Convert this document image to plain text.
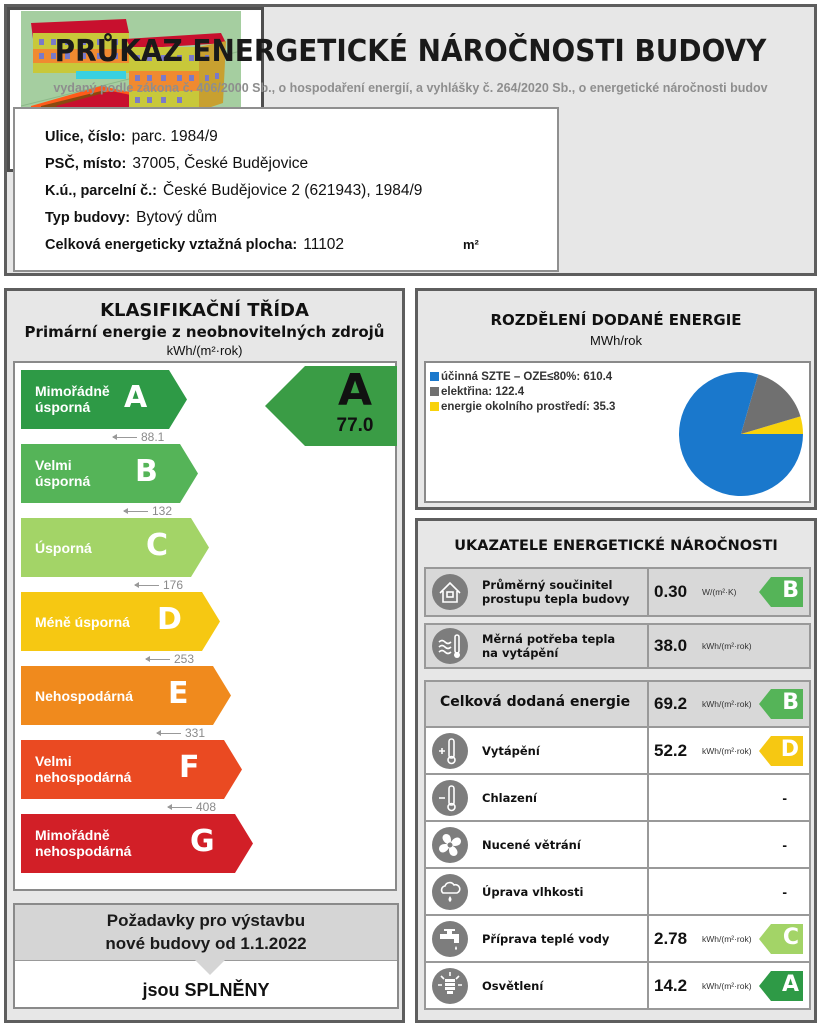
PRŮKAZ ENERGETICKÉ NÁROČNOSTI BUDOVY
vydaný podle zákona č. 406/2000 Sb., o hospodaření energií, a vyhlášky č. 264/2020 Sb., o energetické náročnosti budov
Ulice, číslo: parc. 1984/9
PSČ, místo: 37005, České Budějovice
K.ú., parcelní č.: České Budějovice 2 (621943), 1984/9
Typ budovy: Bytový dům
Celková energeticky vztažná plocha: 11102	m²
KLASIFIKAČNÍ TŘÍDA
Primární energie z neobnovitelných zdrojů
kWh/(m²·rok)
Mimořádně
úsporná	A
88.1
Velmi
úsporná B
132
Úsporná C
176
Méně úsporná D
253
Nehospodárná E
331
Velmi
nehospodárná F
408
Mimořádně
nehospodárná G
A
77.0
Požadavky pro výstavbu
nové budovy od 1.1.2022
jsou SPLNĚNY
ROZDĚLENÍ DODANÉ ENERGIE
MWh/rok
účinná SZTE – OZE≤80%: 610.4
elektřina: 122.4
energie okolního prostředí: 35.3
UKAZATELE ENERGETICKÉ NÁROČNOSTI
Průměrný součinitel
prostupu tepla budovy 0.30 W/(m²·K) B
Měrná potřeba tepla
na vytápění	38.0 kWh/(m²·rok)
Celková dodaná energie 69.2 kWh/(m²·rok) B
Vytápění	52.2 kWh/(m²·rok) D
Chlazení	-
Nucené větrání	-
Úprava vlhkosti	-
Příprava teplé vody	2.78 kWh/(m²·rok) C
Osvětlení	14.2 kWh/(m²·rok) A
